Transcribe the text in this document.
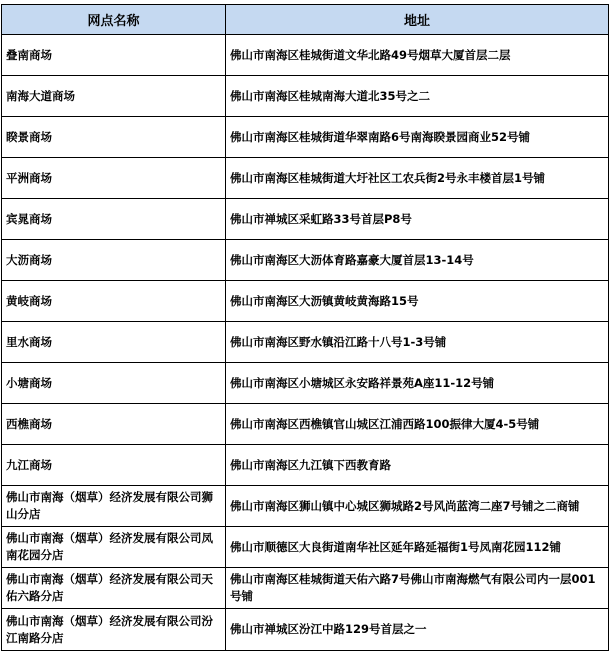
网点名称	地址
叠南商场	佛山市南海区桂城街道文华北路49号烟草大厦首层二层
南海大道商场	佛山市南海区桂城南海大道北35号之二
睽景商场	佛山市南海区桂城街道华翠南路6号南海睽景园商业52号铺
平洲商场	佛山市南海区桂城街道大圩社区工农兵街2号永丰楼首层1号铺
宾晁商场	佛山市禅城区采虹路33号首层P8号
大沥商场	佛山市南海区大沥体育路嘉豪大厦首层13-14号
黄岐商场	佛山市南海区大沥镇黄岐黄海路15号
里水商场	佛山市南海区野水镇沿江路十八号1-3号铺
小塘商场	佛山市南海区小塘城区永安路祥景苑A座11-12号铺
西樵商场	佛山市南海区西樵镇官山城区江浦西路100振律大厦4-5号铺
九江商场	佛山市南海区九江镇下西教育路
佛山市南海（烟草）经济发展有限公司狮山分店	佛山市南海区狮山镇中心城区狮城路2号风尚蓝湾二座7号铺之二商铺
佛山市南海（烟草）经济发展有限公司凤南花园分店	佛山市顺德区大良街道南华社区延年路延福街1号凤南花园112铺
佛山市南海（烟草）经济发展有限公司天佑六路分店	佛山市南海区桂城街道天佑六路7号佛山市南海燃气有限公司内一层001号铺
佛山市南海（烟草）经济发展有限公司汾江南路分店	佛山市禅城区汾江中路129号首层之一
